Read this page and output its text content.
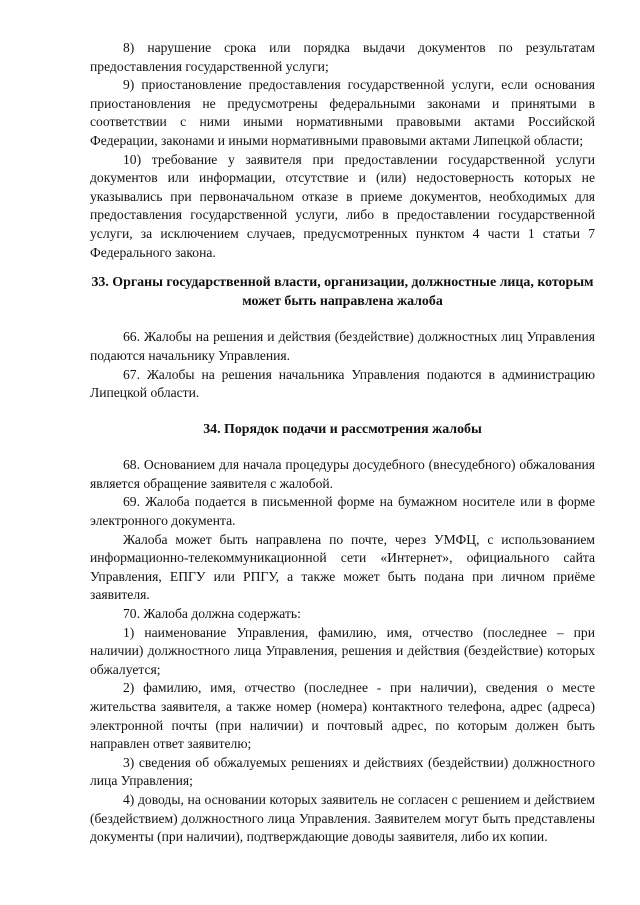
8) нарушение срока или порядка выдачи документов по результатам предоставления государственной услуги;

9) приостановление предоставления государственной услуги, если основания приостановления не предусмотрены федеральными законами и принятыми в соответствии с ними иными нормативными правовыми актами Российской Федерации, законами и иными нормативными правовыми актами Липецкой области;

10) требование у заявителя при предоставлении государственной услуги документов или информации, отсутствие и (или) недостоверность которых не указывались при первоначальном отказе в приеме документов, необходимых для предоставления государственной услуги, либо в предоставлении государственной услуги, за исключением случаев, предусмотренных пунктом 4 части 1 статьи 7 Федерального закона.

33. Органы государственной власти, организации, должностные лица, которым может быть направлена жалоба

66. Жалобы на решения и действия (бездействие) должностных лиц Управления подаются начальнику Управления.

67. Жалобы на решения начальника Управления подаются в администрацию Липецкой области.

34. Порядок подачи и рассмотрения жалобы

68. Основанием для начала процедуры досудебного (внесудебного) обжалования является обращение заявителя с жалобой.

69. Жалоба подается в письменной форме на бумажном носителе или в форме электронного документа.

Жалоба может быть направлена по почте, через УМФЦ, с использованием информационно-телекоммуникационной сети «Интернет», официального сайта Управления, ЕПГУ или РПГУ, а также может быть подана при личном приёме заявителя.

70. Жалоба должна содержать:

1) наименование Управления, фамилию, имя, отчество (последнее – при наличии) должностного лица Управления, решения и действия (бездействие) которых обжалуется;

2) фамилию, имя, отчество (последнее - при наличии), сведения о месте жительства заявителя, а также номер (номера) контактного телефона, адрес (адреса) электронной почты (при наличии) и почтовый адрес, по которым должен быть направлен ответ заявителю;

3) сведения об обжалуемых решениях и действиях (бездействии) должностного лица Управления;

4) доводы, на основании которых заявитель не согласен с решением и действием (бездействием) должностного лица Управления. Заявителем могут быть представлены документы (при наличии), подтверждающие доводы заявителя, либо их копии.
